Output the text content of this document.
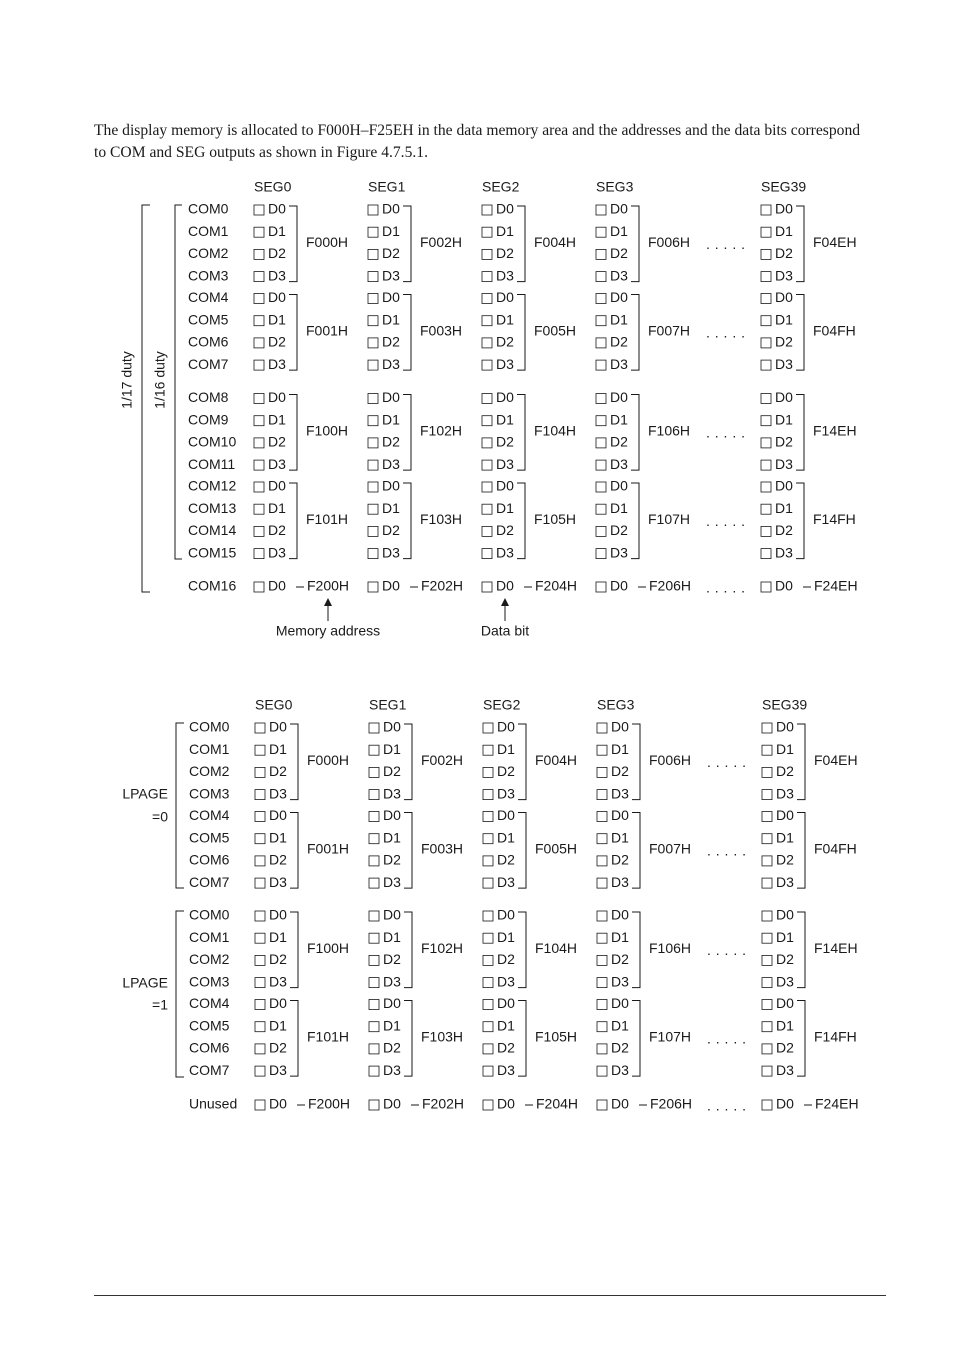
The display memory is allocated to F000H–F25EH in the data memory area and the addresses and the data bits correspond to COM and SEG outputs as shown in Figure 4.7.5.1.

SEG0	SEG1	SEG2	SEG3	SEG39
COM0	D0	D0	D0	D0	D0
COM1	D1	D1	D1	D1	D1
COM2	D2	D2	D2	D2	D2
COM3	D3	D3	D3	D3	D3
F000H	F002H	F004H	F006H	F04EH
. . . . .
COM4	D0	D0	D0	D0	D0
COM5	D1	D1	D1	D1	D1
COM6	D2	D2	D2	D2	D2
COM7	D3	D3	D3	D3	D3
F001H	F003H	F005H	F007H	F04FH
. . . . .
COM8	D0	D0	D0	D0	D0
COM9	D1	D1	D1	D1	D1
COM10 D2	D2	D2	D2	D2
COM11 D3	D3	D3	D3	D3
F100H	F102H	F104H	F106H	F14EH
. . . . .
COM12 D0	D0	D0	D0	D0
COM13 D1	D1	D1	D1	D1
COM14 D2	D2	D2	D2	D2
COM15 D3	D3	D3	D3	D3
F101H	F103H	F105H	F107H	F14FH
. . . . .
COM16 D0 F200H D0 F202H D0 F204H D0 F206H	D0 F24EH
. . . . .
1/17 duty 1/16 duty
Memory address	Data bit
SEG0	SEG1	SEG2	SEG3	SEG39
COM0	D0	D0	D0	D0	D0
COM1	D1	D1	D1	D1	D1
COM2	D2	D2	D2	D2	D2
COM3	D3	D3	D3	D3	D3
F000H	F002H	F004H	F006H	F04EH
. . . . .
COM4	D0	D0	D0	D0	D0
COM5	D1	D1	D1	D1	D1
COM6	D2	D2	D2	D2	D2
COM7	D3	D3	D3	D3	D3
F001H	F003H	F005H	F007H	F04FH
. . . . .
COM0	D0	D0	D0	D0	D0
COM1	D1	D1	D1	D1	D1
COM2	D2	D2	D2	D2	D2
COM3	D3	D3	D3	D3	D3
F100H	F102H	F104H	F106H	F14EH
. . . . .
COM4	D0	D0	D0	D0	D0
COM5	D1	D1	D1	D1	D1
COM6	D2	D2	D2	D2	D2
COM7	D3	D3	D3	D3	D3
F101H	F103H	F105H	F107H	F14FH
. . . . .
Unused D0 F200H D0 F202H D0 F204H D0 F206H	D0 F24EH
. . . . .
LPAGE
=0
LPAGE
=1
